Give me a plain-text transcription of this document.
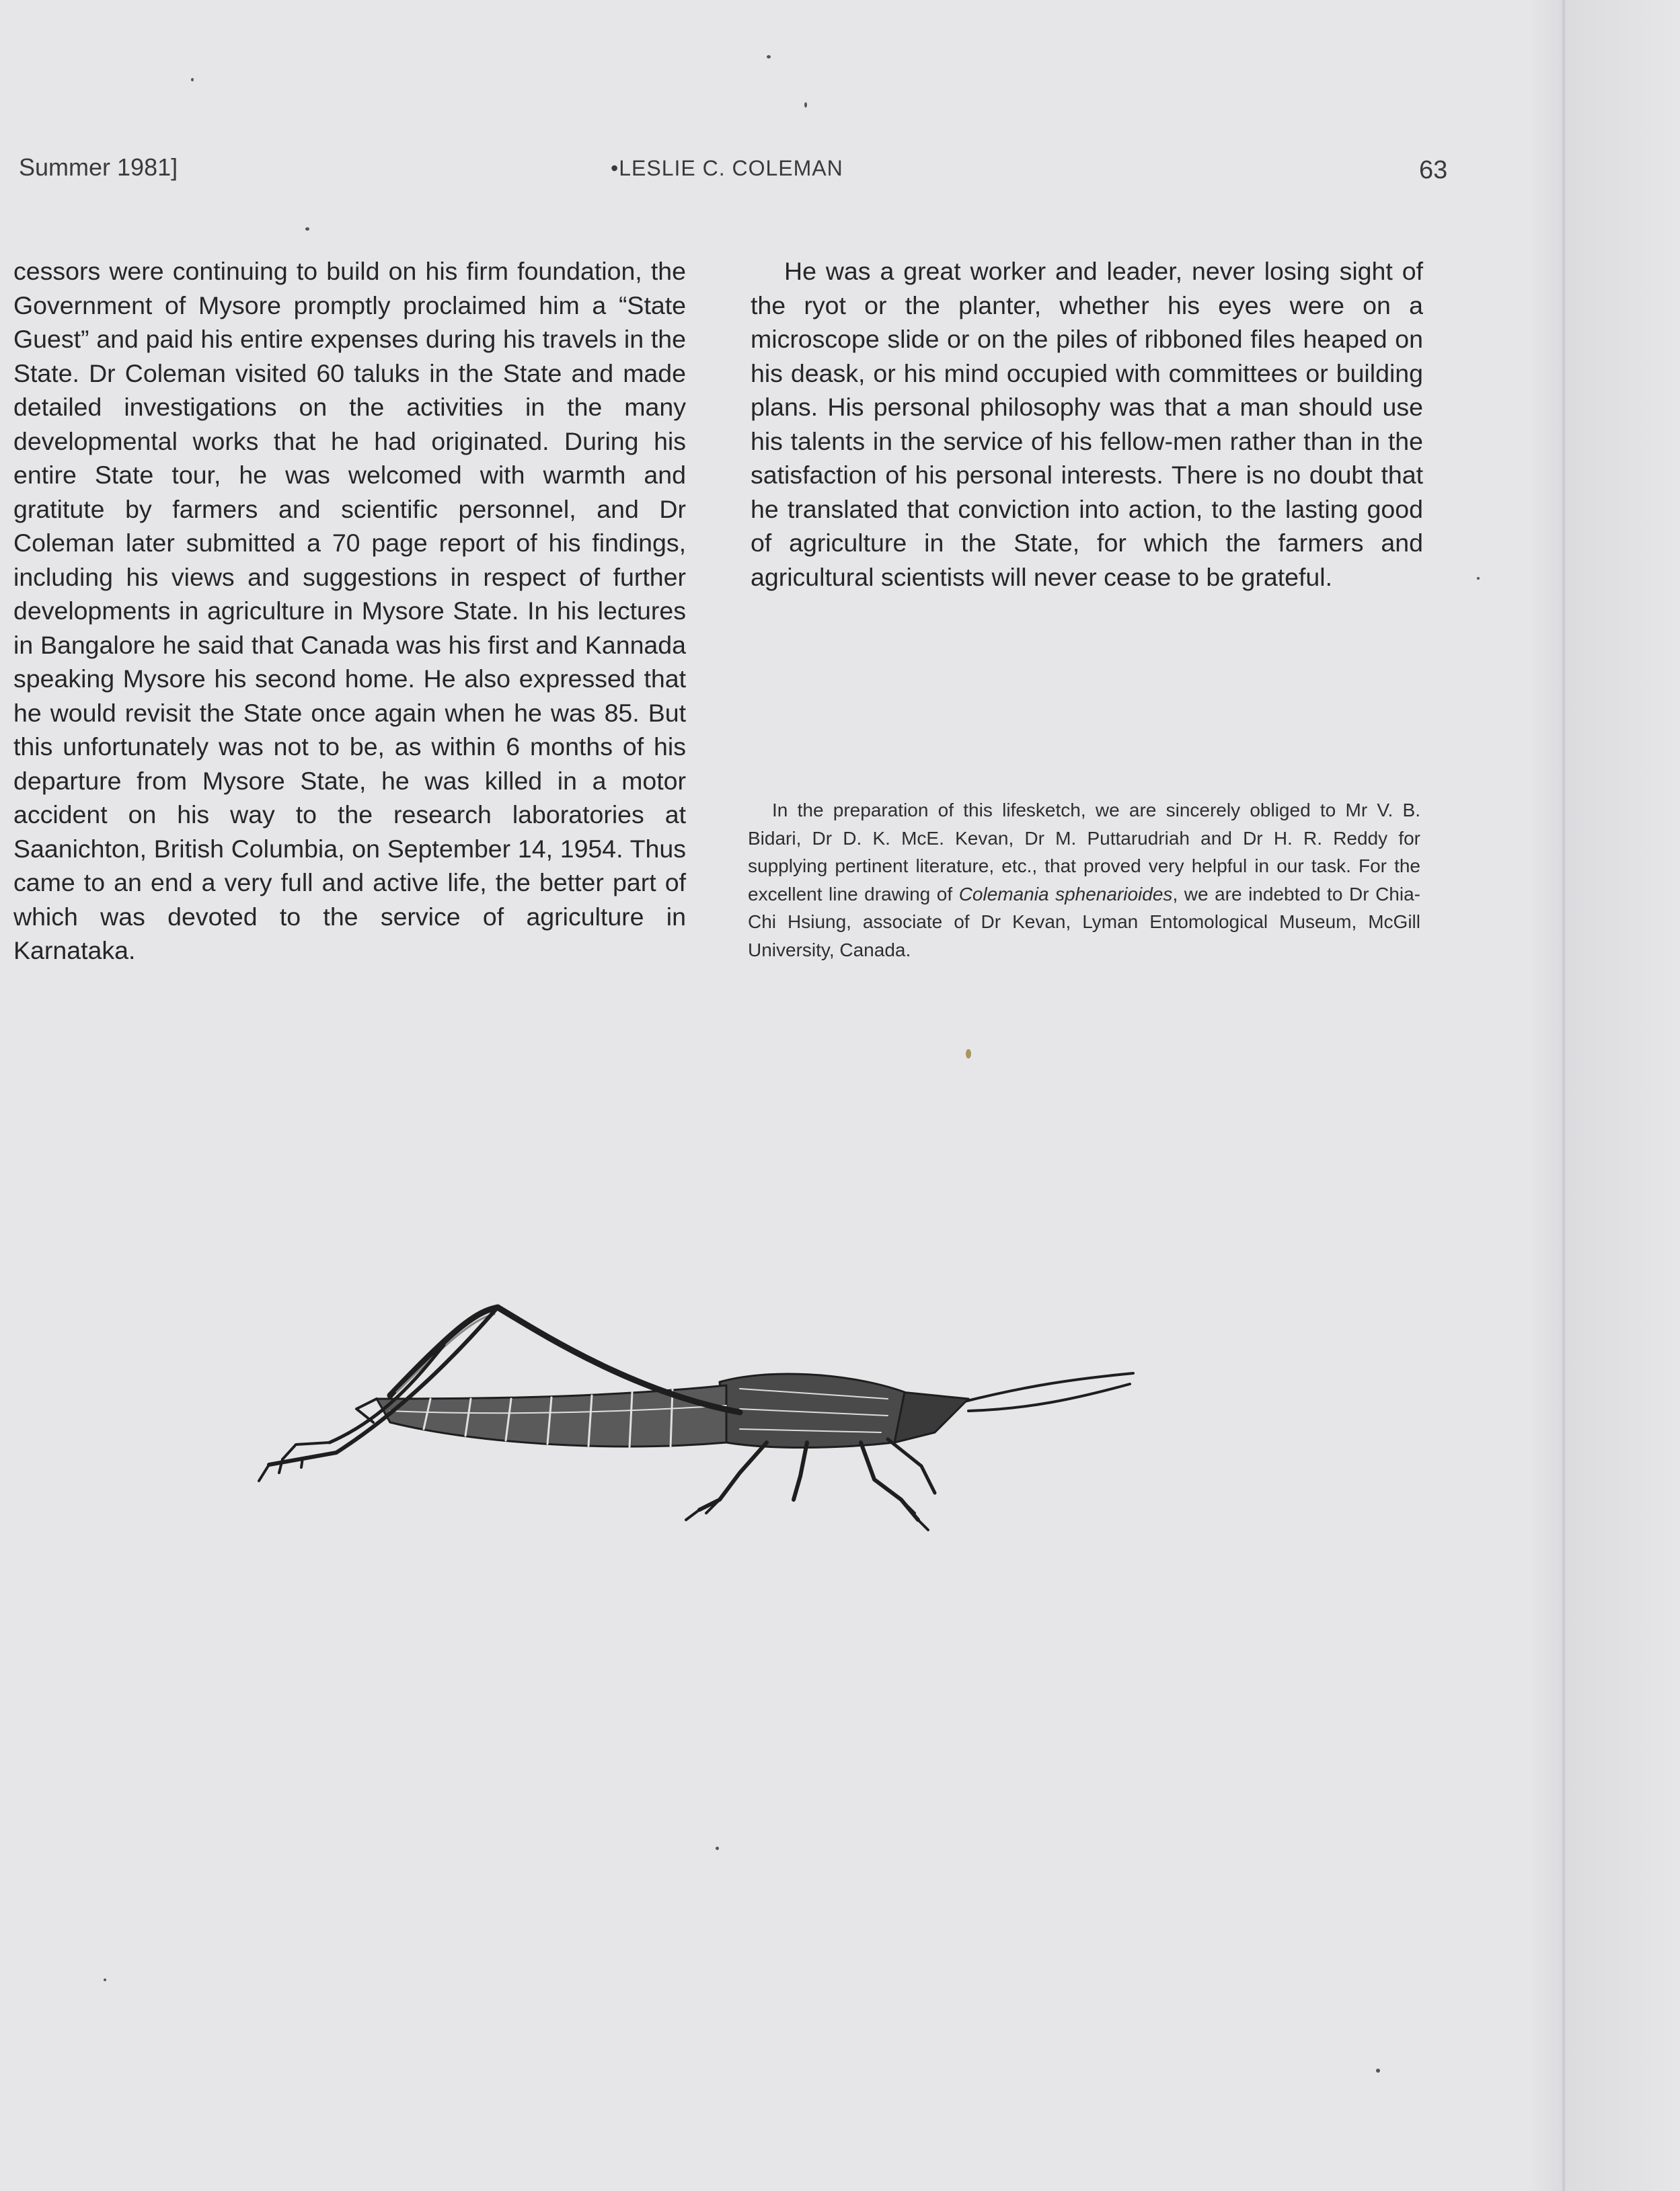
Summer 1981]	•LESLIE C. COLEMAN	63

cessors were continuing to build on his firm foundation, the Government of Mysore promptly proclaimed him a “State Guest” and paid his entire expenses during his travels in the State. Dr Coleman visited 60 taluks in the State and made detailed investigations on the activities in the many developmental works that he had originated. During his entire State tour, he was welcomed with warmth and gratitute by farmers and scientific personnel, and Dr Coleman later submitted a 70 page report of his findings, including his views and suggestions in respect of further developments in agriculture in Mysore State. In his lectures in Bangalore he said that Canada was his first and Kannada speaking Mysore his second home. He also expressed that he would revisit the State once again when he was 85. But this unfortunately was not to be, as within 6 months of his departure from Mysore State, he was killed in a motor accident on his way to the research laboratories at Saanichton, British Columbia, on September 14, 1954. Thus came to an end a very full and active life, the better part of which was devoted to the service of agriculture in Karnataka.

He was a great worker and leader, never losing sight of the ryot or the planter, whether his eyes were on a microscope slide or on the piles of ribboned files heaped on his deask, or his mind occupied with committees or building plans. His personal philosophy was that a man should use his talents in the service of his fellow-men rather than in the satisfaction of his personal interests. There is no doubt that he translated that conviction into action, to the lasting good of agriculture in the State, for which the farmers and agricultural scientists will never cease to be grateful.

In the preparation of this lifesketch, we are sincerely obliged to Mr V. B. Bidari, Dr D. K. McE. Kevan, Dr M. Puttarudriah and Dr H. R. Reddy for supplying pertinent literature, etc., that proved very helpful in our task. For the excellent line drawing of Colemania sphenarioides, we are indebted to Dr Chia-Chi Hsiung, associate of Dr Kevan, Lyman Entomological Museum, McGill University, Canada.
